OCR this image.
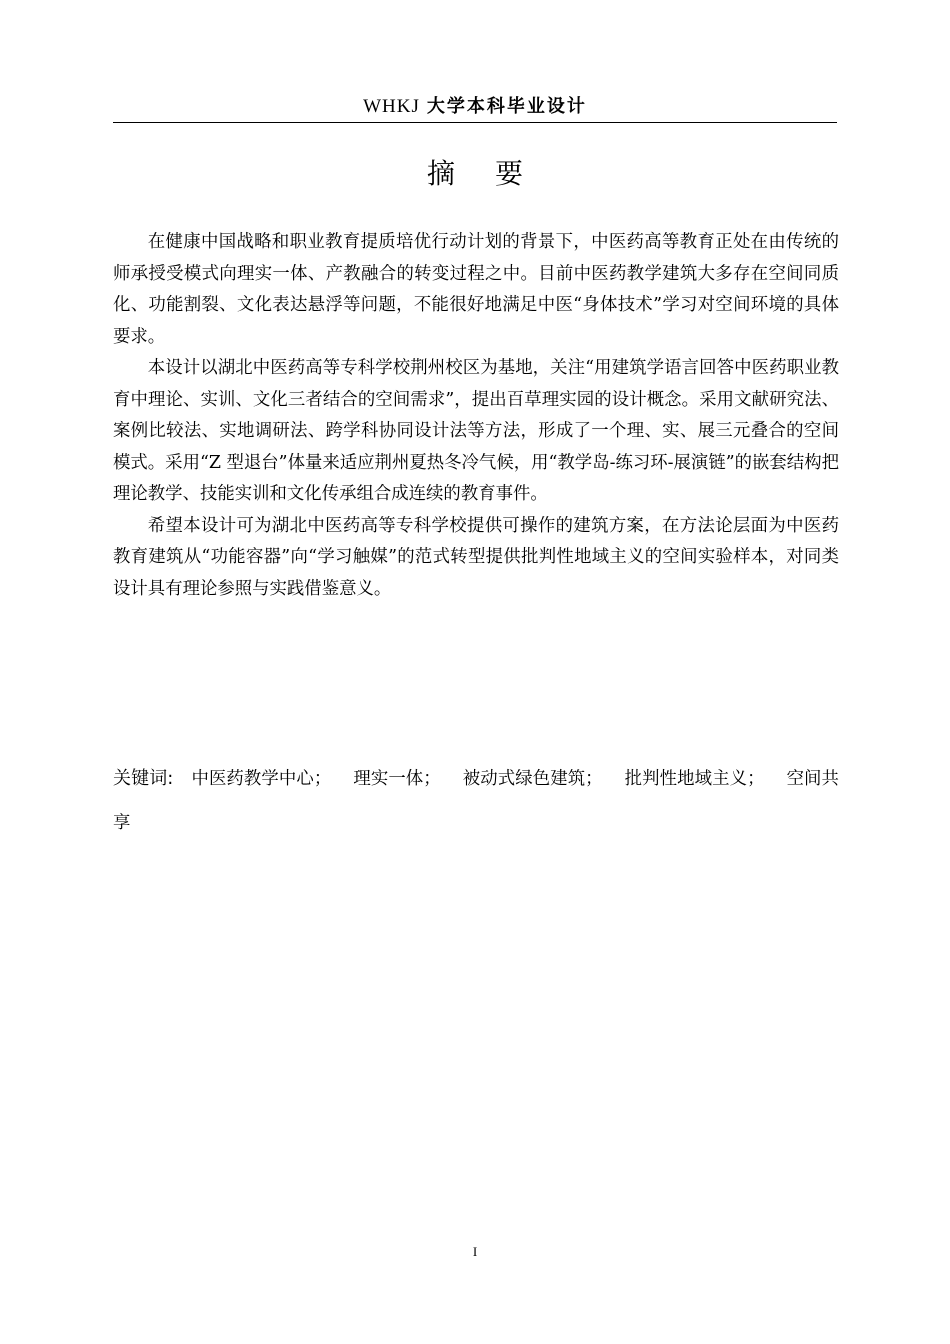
WHKJ 大学本科毕业设计
摘要

在健康中国战略和职业教育提质培优行动计划的背景下，中医药高等教育正处在由传统的师承授受模式向理实一体、产教融合的转变过程之中。目前中医药教学建筑大多存在空间同质化、功能割裂、文化表达悬浮等问题，不能很好地满足中医“身体技术”学习对空间环境的具体要求。

本设计以湖北中医药高等专科学校荆州校区为基地，关注“用建筑学语言回答中医药职业教育中理论、实训、文化三者结合的空间需求”，提出百草理实园的设计概念。采用文献研究法、案例比较法、实地调研法、跨学科协同设计法等方法，形成了一个理、实、展三元叠合的空间模式。采用“Z 型退台”体量来适应荆州夏热冬冷气候，用“教学岛-练习环-展演链”的嵌套结构把理论教学、技能实训和文化传承组合成连续的教育事件。

希望本设计可为湖北中医药高等专科学校提供可操作的建筑方案，在方法论层面为中医药教育建筑从“功能容器”向“学习触媒”的范式转型提供批判性地域主义的空间实验样本，对同类设计具有理论参照与实践借鉴意义。

关键词: 中医药教学中心； 理实一体； 被动式绿色建筑； 批判性地域主义； 空间共享
I
